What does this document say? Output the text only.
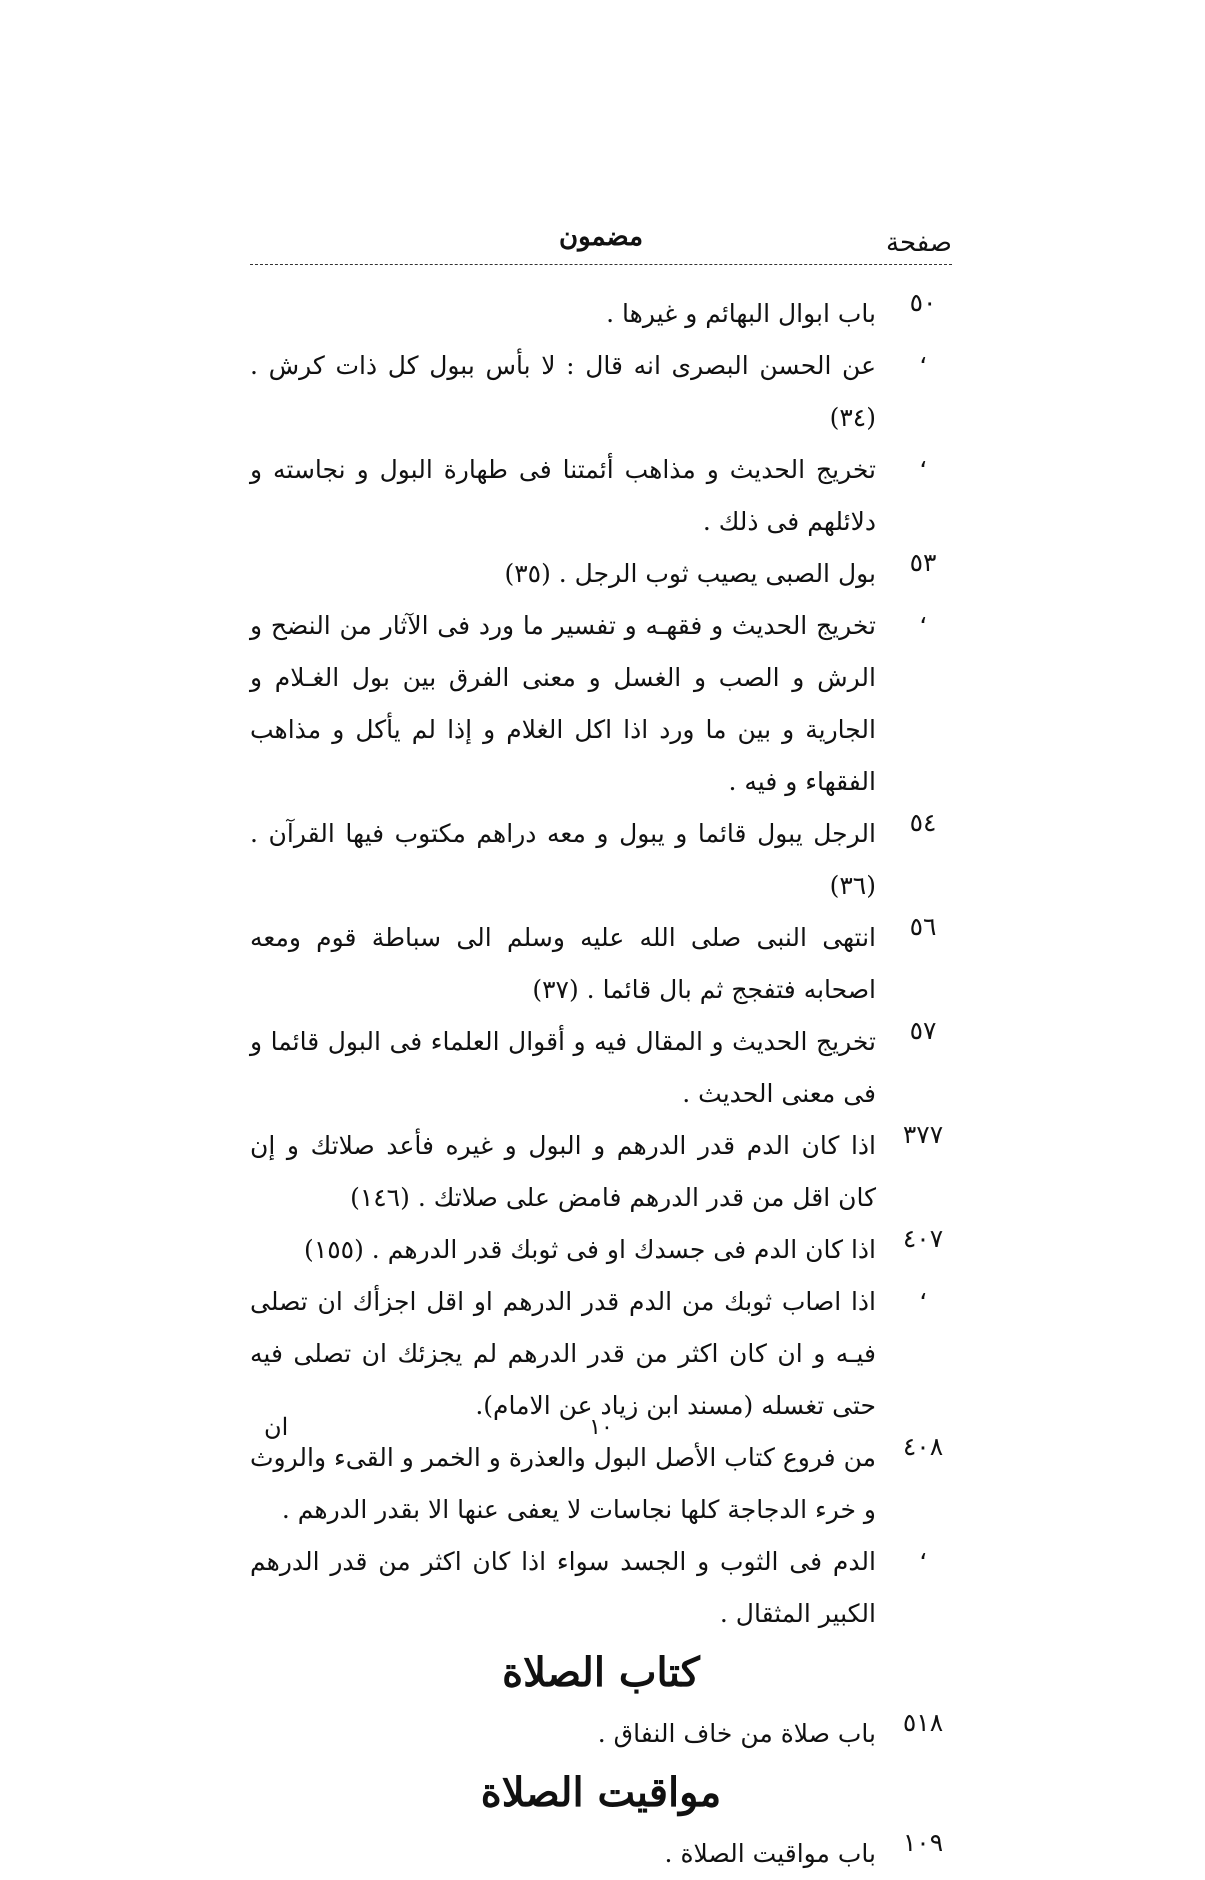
صفحة
مضمون
٥٠
باب ابوال البهائم و غيرها .
،
عن الحسن البصرى انه قال : لا بأس ببول كل ذات كرش . (٣٤)
،
تخريج الحديث و مذاهب أئمتنا فى طهارة البول و نجاسته و دلائلهم فى ذلك .
٥٣
بول الصبى يصيب ثوب الرجل . (٣٥)
،
تخريج الحديث و فقهـه و تفسير ما ورد فى الآثار من النضح و الرش و الصب و الغسل و معنى الفرق بين بول الغـلام و الجارية و بين ما ورد اذا اكل الغلام و إذا لم يأكل و مذاهب الفقهاء و فيه .
٥٤
الرجل يبول قائما و يبول و معه دراهم مكتوب فيها القرآن . (٣٦)
٥٦
انتهى النبى صلى الله عليه وسلم الى سباطة قوم ومعه اصحابه فتفجج ثم بال قائما . (٣٧)
٥٧
تخريج الحديث و المقال فيه و أقوال العلماء فى البول قائما و فى معنى الحديث .
٣٧٧
اذا كان الدم قدر الدرهم و البول و غيره فأعد صلاتك و إن كان اقل من قدر الدرهم فامض على صلاتك . (١٤٦)
٤٠٧
اذا كان الدم فى جسدك او فى ثوبك قدر الدرهم . (١٥٥)
،
اذا اصاب ثوبك من الدم قدر الدرهم او اقل اجزأك ان تصلى فيـه و ان كان اكثر من قدر الدرهم لم يجزئك ان تصلى فيه حتى تغسله (مسند ابن زياد عن الامام).
٤٠٨
من فروع كتاب الأصل البول والعذرة و الخمر و القىء والروث و خرء الدجاجة كلها نجاسات لا يعفى عنها الا بقدر الدرهم .
،
الدم فى الثوب و الجسد سواء اذا كان اكثر من قدر الدرهم الكبير المثقال .
كتاب الصلاة
٥١٨
باب صلاة من خاف النفاق .
مواقيت الصلاة
١٠٩
باب مواقيت الصلاة .
١٠
ان
